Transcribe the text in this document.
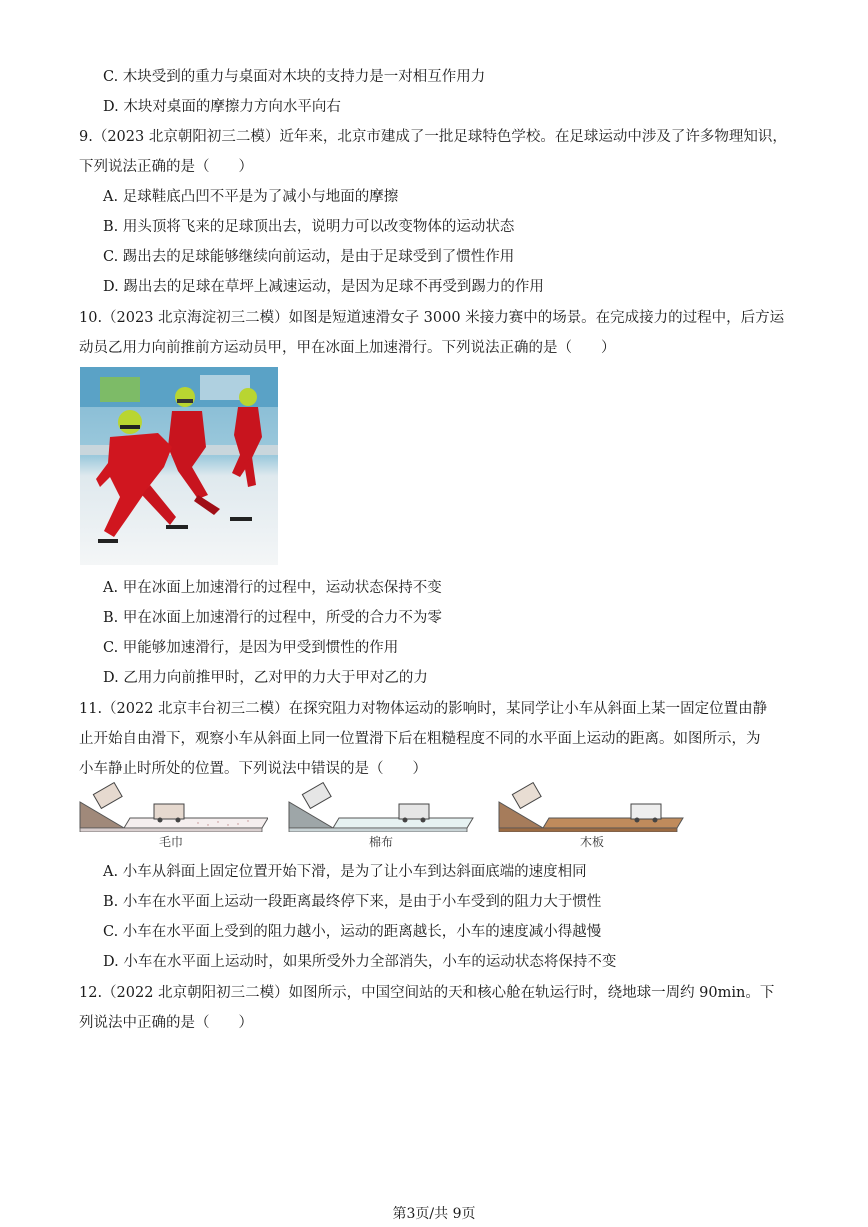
C. 木块受到的重力与桌面对木块的支持力是一对相互作用力
D. 木块对桌面的摩擦力方向水平向右
9.（2023 北京朝阳初三二模）近年来，北京市建成了一批足球特色学校。在足球运动中涉及了许多物理知识，
下列说法正确的是（　　）
A. 足球鞋底凸凹不平是为了减小与地面的摩擦
B. 用头顶将飞来的足球顶出去，说明力可以改变物体的运动状态
C. 踢出去的足球能够继续向前运动，是由于足球受到了惯性作用
D. 踢出去的足球在草坪上减速运动，是因为足球不再受到踢力的作用
10.（2023 北京海淀初三二模）如图是短道速滑女子 3000 米接力赛中的场景。在完成接力的过程中，后方运
动员乙用力向前推前方运动员甲，甲在冰面上加速滑行。下列说法正确的是（　　）
A. 甲在冰面上加速滑行的过程中，运动状态保持不变
B. 甲在冰面上加速滑行的过程中，所受的合力不为零
C. 甲能够加速滑行，是因为甲受到惯性的作用
D. 乙用力向前推甲时，乙对甲的力大于甲对乙的力
11.（2022 北京丰台初三二模）在探究阻力对物体运动的影响时，某同学让小车从斜面上某一固定位置由静
止开始自由滑下，观察小车从斜面上同一位置滑下后在粗糙程度不同的水平面上运动的距离。如图所示，为
小车静止时所处的位置。下列说法中错误的是（　　）
毛巾	棉布	木板
A. 小车从斜面上固定位置开始下滑，是为了让小车到达斜面底端的速度相同
B. 小车在水平面上运动一段距离最终停下来，是由于小车受到的阻力大于惯性
C. 小车在水平面上受到的阻力越小，运动的距离越长，小车的速度减小得越慢
D. 小车在水平面上运动时，如果所受外力全部消失，小车的运动状态将保持不变
12.（2022 北京朝阳初三二模）如图所示，中国空间站的天和核心舱在轨运行时，绕地球一周约 90min。下
列说法中正确的是（　　）
第3页/共 9页
